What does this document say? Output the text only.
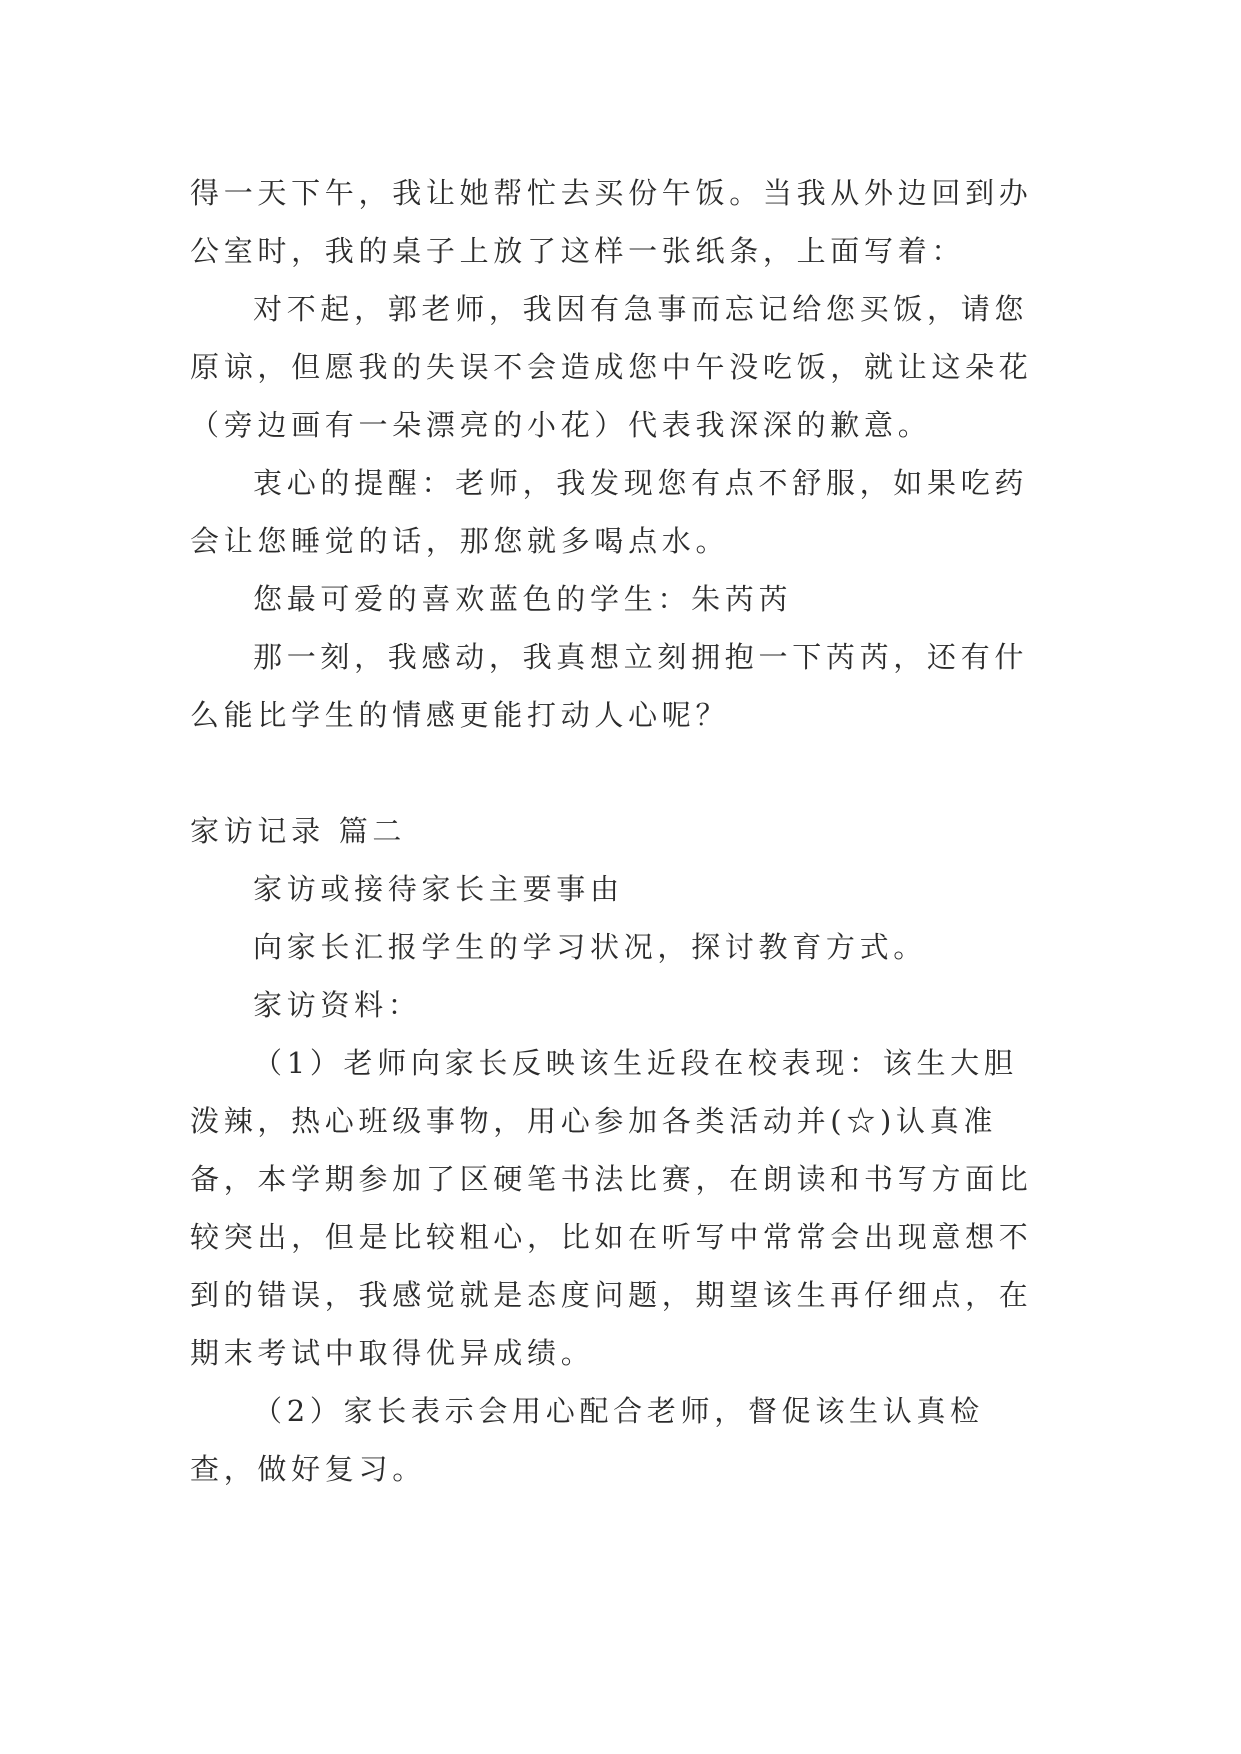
得一天下午，我让她帮忙去买份午饭。当我从外边回到办公室时，我的桌子上放了这样一张纸条，上面写着：

对不起，郭老师，我因有急事而忘记给您买饭，请您原谅，但愿我的失误不会造成您中午没吃饭，就让这朵花（旁边画有一朵漂亮的小花）代表我深深的歉意。

衷心的提醒：老师，我发现您有点不舒服，如果吃药会让您睡觉的话，那您就多喝点水。

您最可爱的喜欢蓝色的学生：朱芮芮

那一刻，我感动，我真想立刻拥抱一下芮芮，还有什么能比学生的情感更能打动人心呢？

家访记录 篇二

家访或接待家长主要事由

向家长汇报学生的学习状况，探讨教育方式。

家访资料：

（1）老师向家长反映该生近段在校表现：该生大胆泼辣，热心班级事物，用心参加各类活动并(☆)认真准备，本学期参加了区硬笔书法比赛，在朗读和书写方面比较突出，但是比较粗心，比如在听写中常常会出现意想不到的错误，我感觉就是态度问题，期望该生再仔细点，在期末考试中取得优异成绩。

（2）家长表示会用心配合老师，督促该生认真检查，做好复习。
